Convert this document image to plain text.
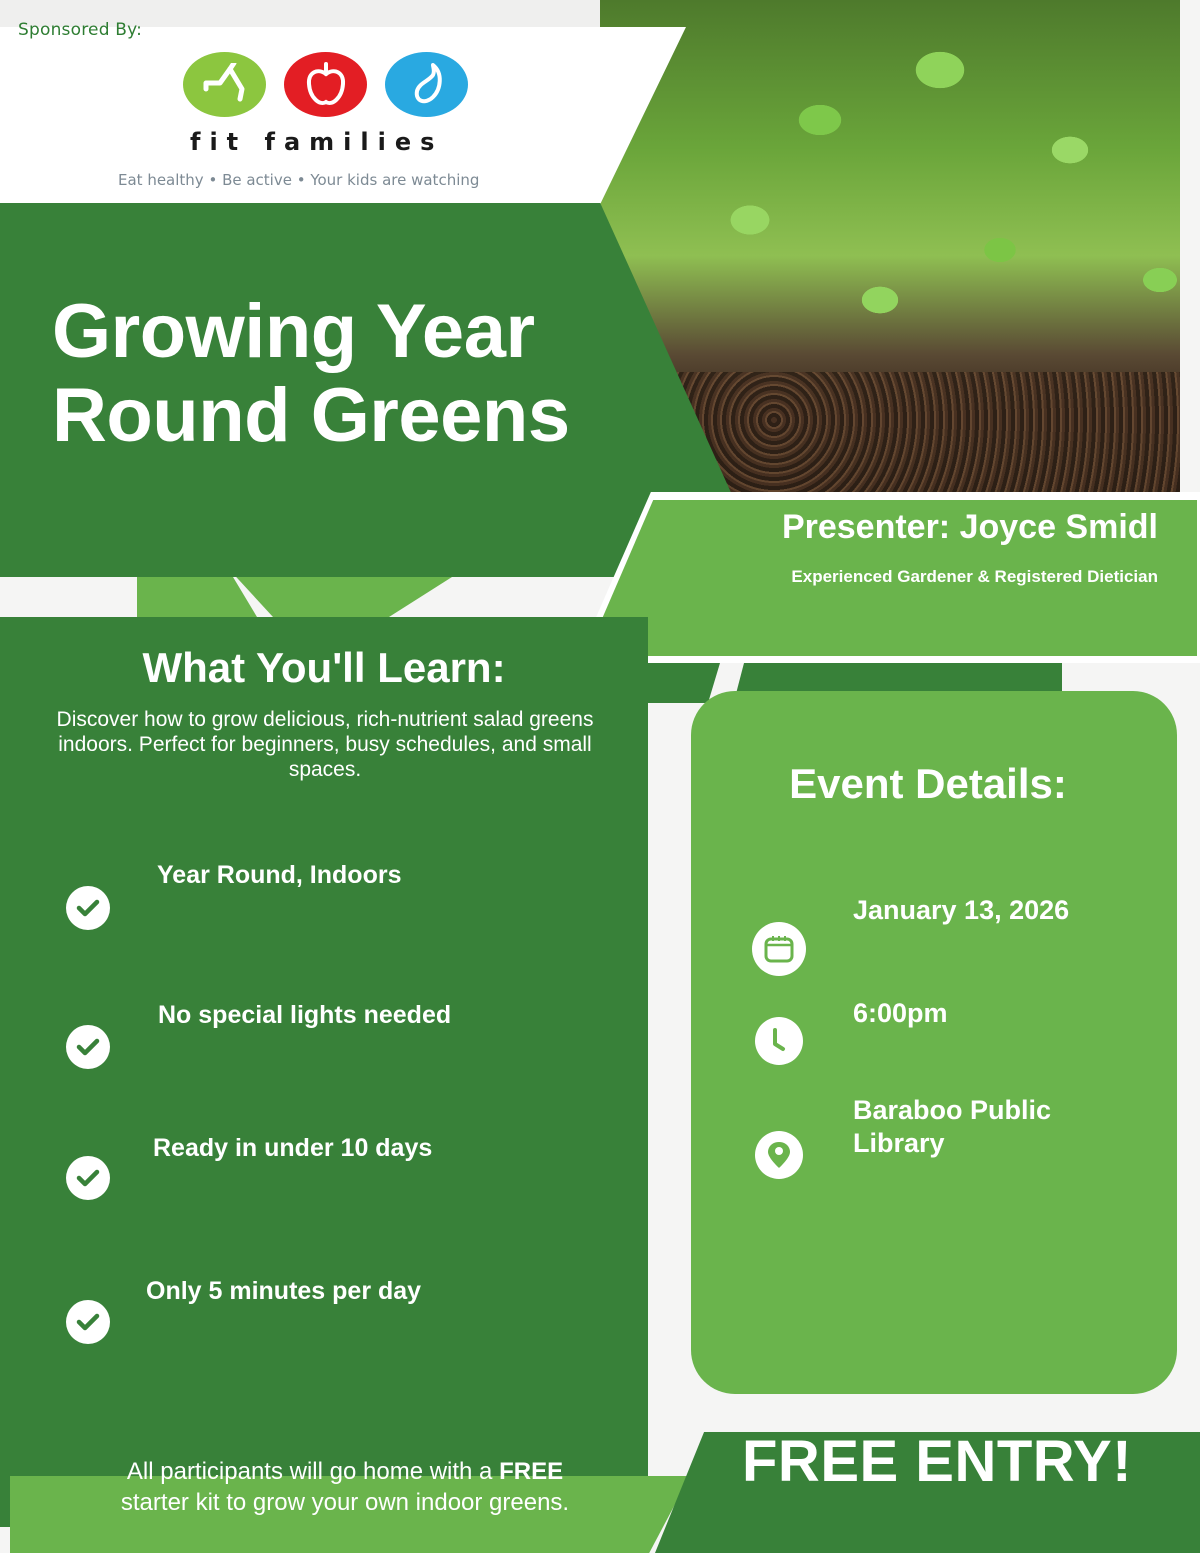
Sponsored By:
fit families
Eat healthy • Be active • Your kids are watching
Growing Year
Round Greens
Presenter: Joyce Smidl
Experienced Gardener & Registered Dietician
What You'll Learn:
Discover how to grow delicious, rich-nutrient salad greens indoors. Perfect for beginners, busy schedules, and small spaces.
Year Round, Indoors
No special lights needed
Ready in under 10 days
Only 5 minutes per day
Event Details:
January 13, 2026
6:00pm
Baraboo Public
Library
FREE ENTRY!
All participants will go home with a FREE
starter kit to grow your own indoor greens.
